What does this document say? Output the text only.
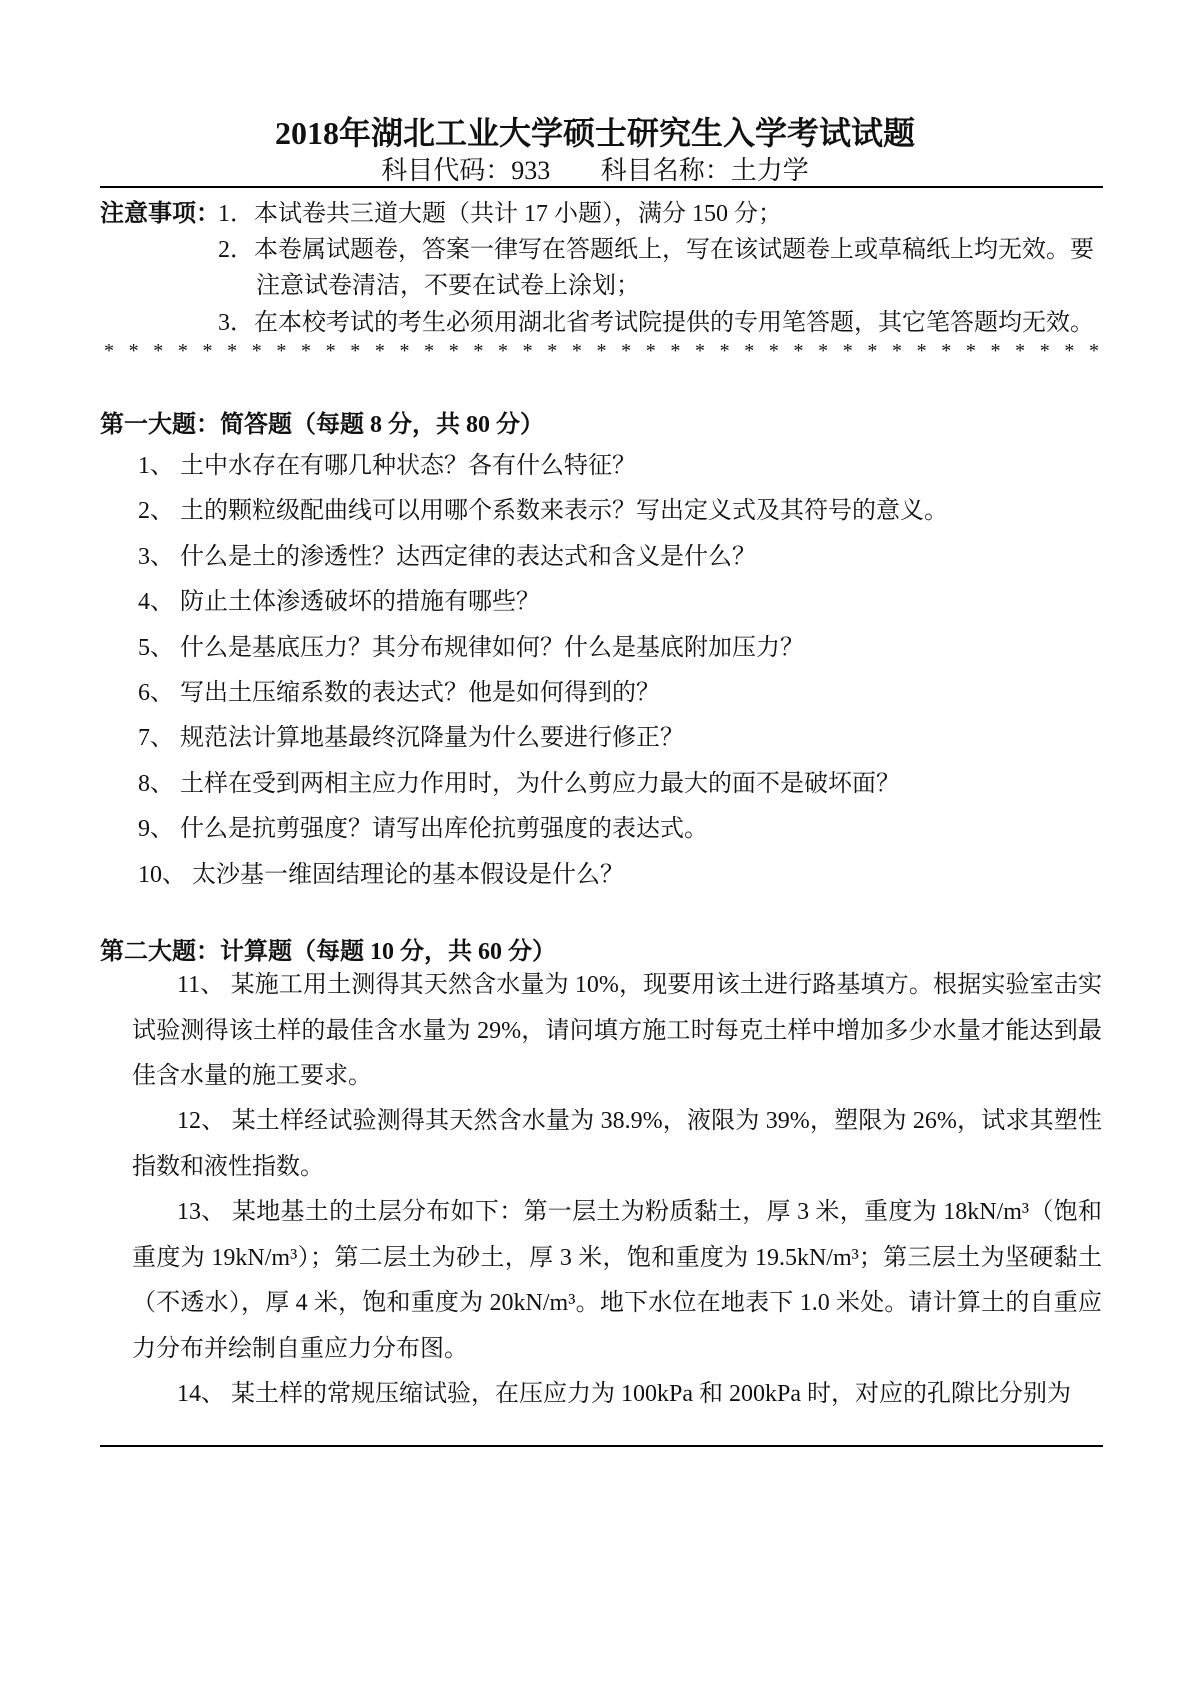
2018年湖北工业大学硕士研究生入学考试试题
科目代码：933 科目名称：土力学
注意事项：
1．本试卷共三道大题（共计 17 小题），满分 150 分；
2．本卷属试题卷，答案一律写在答题纸上，写在该试题卷上或草稿纸上均无效。要
注意试卷清洁，不要在试卷上涂划；
3．在本校考试的考生必须用湖北省考试院提供的专用笔答题，其它笔答题均无效。
* * * * * * * * * * * * * * * * * * * * * * * * * * * * * * * * * * * * * * * * *
第一大题：简答题（每题 8 分，共 80 分）
1、 土中水存在有哪几种状态？各有什么特征？
2、 土的颗粒级配曲线可以用哪个系数来表示？写出定义式及其符号的意义。
3、 什么是土的渗透性？达西定律的表达式和含义是什么？
4、 防止土体渗透破坏的措施有哪些？
5、 什么是基底压力？其分布规律如何？什么是基底附加压力？
6、 写出土压缩系数的表达式？他是如何得到的？
7、 规范法计算地基最终沉降量为什么要进行修正？
8、 土样在受到两相主应力作用时，为什么剪应力最大的面不是破坏面？
9、 什么是抗剪强度？请写出库伦抗剪强度的表达式。
10、 太沙基一维固结理论的基本假设是什么？
第二大题：计算题（每题 10 分，共 60 分）
11、 某施工用土测得其天然含水量为 10%，现要用该土进行路基填方。根据实验室击实试验测得该土样的最佳含水量为 29%，请问填方施工时每克土样中增加多少水量才能达到最佳含水量的施工要求。
12、 某土样经试验测得其天然含水量为 38.9%，液限为 39%，塑限为 26%，试求其塑性指数和液性指数。
13、 某地基土的土层分布如下：第一层土为粉质黏土，厚 3 米，重度为 18kN/m³（饱和重度为 19kN/m³）；第二层土为砂土，厚 3 米，饱和重度为 19.5kN/m³；第三层土为坚硬黏土（不透水），厚 4 米，饱和重度为 20kN/m³。地下水位在地表下 1.0 米处。请计算土的自重应力分布并绘制自重应力分布图。
14、 某土样的常规压缩试验，在压应力为 100kPa 和 200kPa 时，对应的孔隙比分别为
